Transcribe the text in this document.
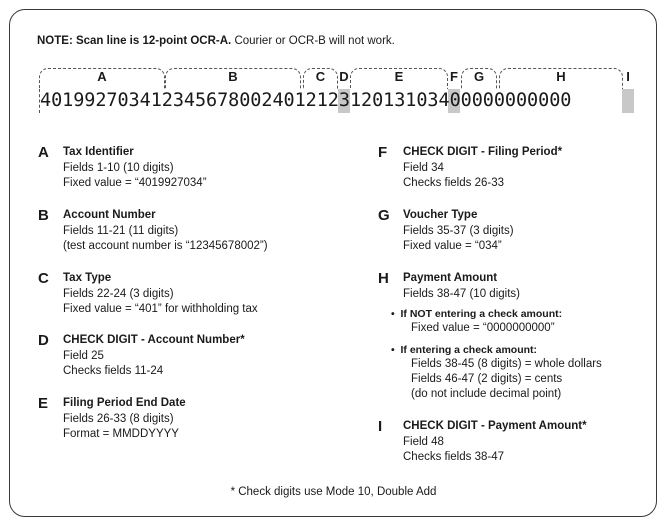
NOTE: Scan line is 12-point OCR-A. Courier or OCR-B will not work.
A	B	C	D	E	F	G	H	I
401992703412345678002401212312013103400000000000
A Tax Identifier
Fields 1-10 (10 digits)
Fixed value = “4019927034”
B Account Number
Fields 11-21 (11 digits)
(test account number is “12345678002”)
C Tax Type
Fields 22-24 (3 digits)
Fixed value = “401” for withholding tax
D CHECK DIGIT - Account Number*
Field 25
Checks fields 11-24
E Filing Period End Date
Fields 26-33 (8 digits)
Format = MMDDYYYY
F CHECK DIGIT - Filing Period*
Field 34
Checks fields 26-33
G Voucher Type
Fields 35-37 (3 digits)
Fixed value = “034”
H Payment Amount
Fields 38-47 (10 digits)
•  If NOT entering a check amount:
Fixed value = “0000000000”
•  If entering a check amount:
Fields 38-45 (8 digits) = whole dollars
Fields 46-47 (2 digits) = cents
(do not include decimal point)
I CHECK DIGIT - Payment Amount*
Field 48
Checks fields 38-47
* Check digits use Mode 10, Double Add
